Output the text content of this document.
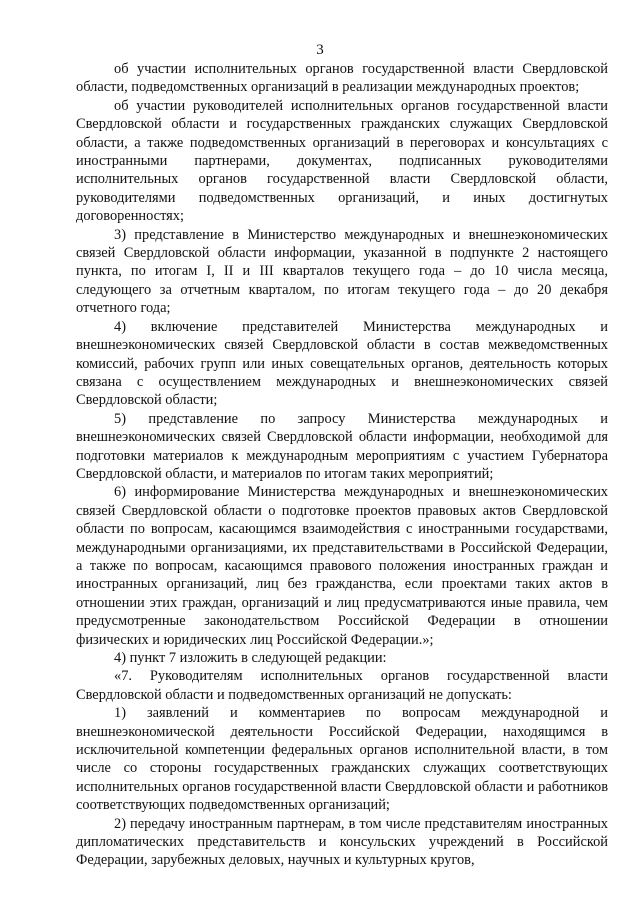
3

об участии исполнительных органов государственной власти Свердловской области, подведомственных организаций в реализации международных проектов;

об участии руководителей исполнительных органов государственной власти Свердловской области и государственных гражданских служащих Свердловской области, а также подведомственных организаций в переговорах и консультациях с иностранными партнерами, документах, подписанных руководителями исполнительных органов государственной власти Свердловской области, руководителями подведомственных организаций, и иных достигнутых договоренностях;

3) представление в Министерство международных и внешнеэкономических связей Свердловской области информации, указанной в подпункте 2 настоящего пункта, по итогам I, II и III кварталов текущего года – до 10 числа месяца, следующего за отчетным кварталом, по итогам текущего года – до 20 декабря отчетного года;

4) включение представителей Министерства международных и внешнеэкономических связей Свердловской области в состав межведомственных комиссий, рабочих групп или иных совещательных органов, деятельность которых связана с осуществлением международных и внешнеэкономических связей Свердловской области;

5) представление по запросу Министерства международных и внешнеэкономических связей Свердловской области информации, необходимой для подготовки материалов к международным мероприятиям с участием Губернатора Свердловской области, и материалов по итогам таких мероприятий;

6) информирование Министерства международных и внешнеэкономических связей Свердловской области о подготовке проектов правовых актов Свердловской области по вопросам, касающимся взаимодействия с иностранными государствами, международными организациями, их представительствами в Российской Федерации, а также по вопросам, касающимся правового положения иностранных граждан и иностранных организаций, лиц без гражданства, если проектами таких актов в отношении этих граждан, организаций и лиц предусматриваются иные правила, чем предусмотренные законодательством Российской Федерации в отношении физических и юридических лиц Российской Федерации.»;

4) пункт 7 изложить в следующей редакции:

«7. Руководителям исполнительных органов государственной власти Свердловской области и подведомственных организаций не допускать:

1) заявлений и комментариев по вопросам международной и внешнеэкономической деятельности Российской Федерации, находящимся в исключительной компетенции федеральных органов исполнительной власти, в том числе со стороны государственных гражданских служащих соответствующих исполнительных органов государственной власти Свердловской области и работников соответствующих подведомственных организаций;

2) передачу иностранным партнерам, в том числе представителям иностранных дипломатических представительств и консульских учреждений в Российской Федерации, зарубежных деловых, научных и культурных кругов,
